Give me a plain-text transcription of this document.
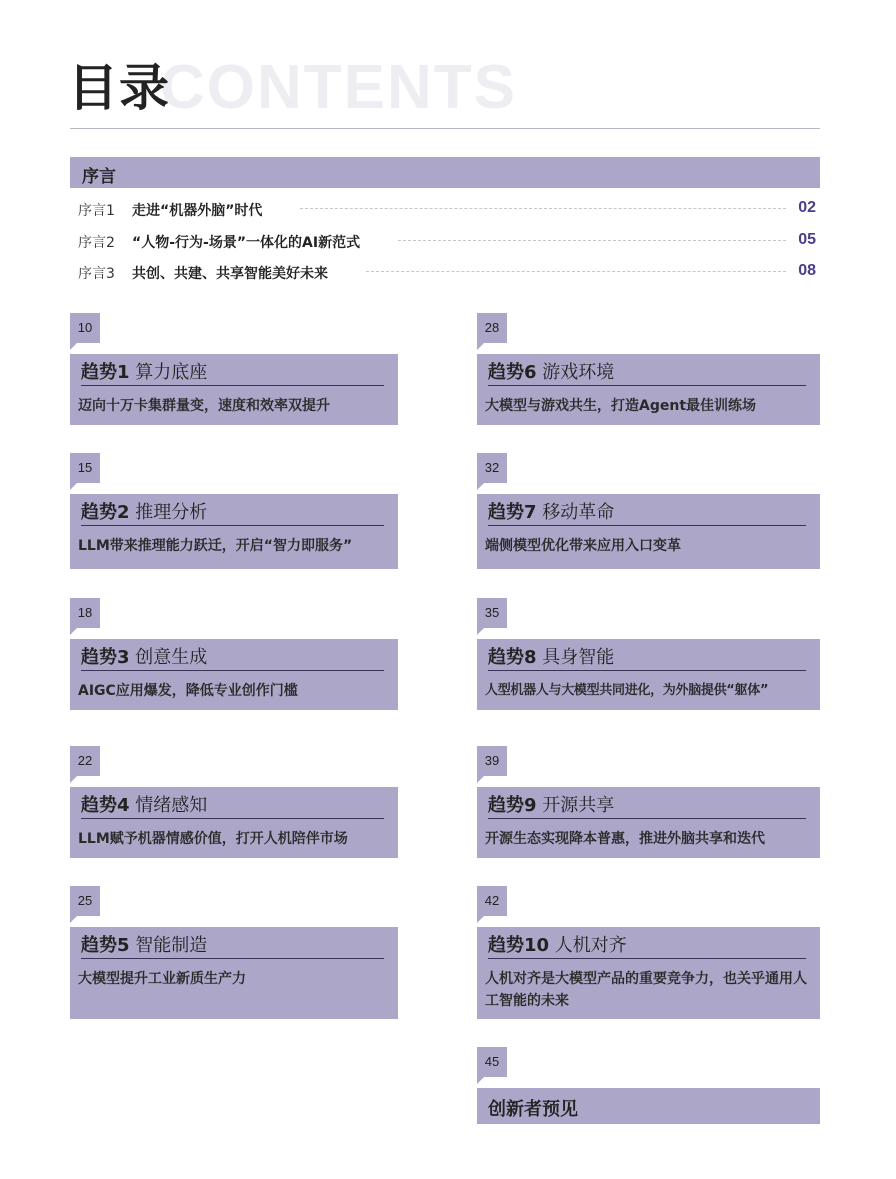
CONTENTS
目录
序言
序言1 走进“机器外脑”时代	02
序言2 “人物-行为-场景”一体化的AI新范式	05
序言3 共创、共建、共享智能美好未来	08
10
趋势1 算力底座
迈向十万卡集群量变，速度和效率双提升
15
趋势2 推理分析
LLM带来推理能力跃迁，开启“智力即服务”
18
趋势3 创意生成
AIGC应用爆发，降低专业创作门槛
22
趋势4 情绪感知
LLM赋予机器情感价值，打开人机陪伴市场
25
趋势5 智能制造
大模型提升工业新质生产力
28
趋势6 游戏环境
大模型与游戏共生，打造Agent最佳训练场
32
趋势7 移动革命
端侧模型优化带来应用入口变革
35
趋势8 具身智能
人型机器人与大模型共同进化，为外脑提供“躯体”
39
趋势9 开源共享
开源生态实现降本普惠，推进外脑共享和迭代
42
趋势10 人机对齐
人机对齐是大模型产品的重要竞争力，也关乎通用人工智能的未来
45
创新者预见
